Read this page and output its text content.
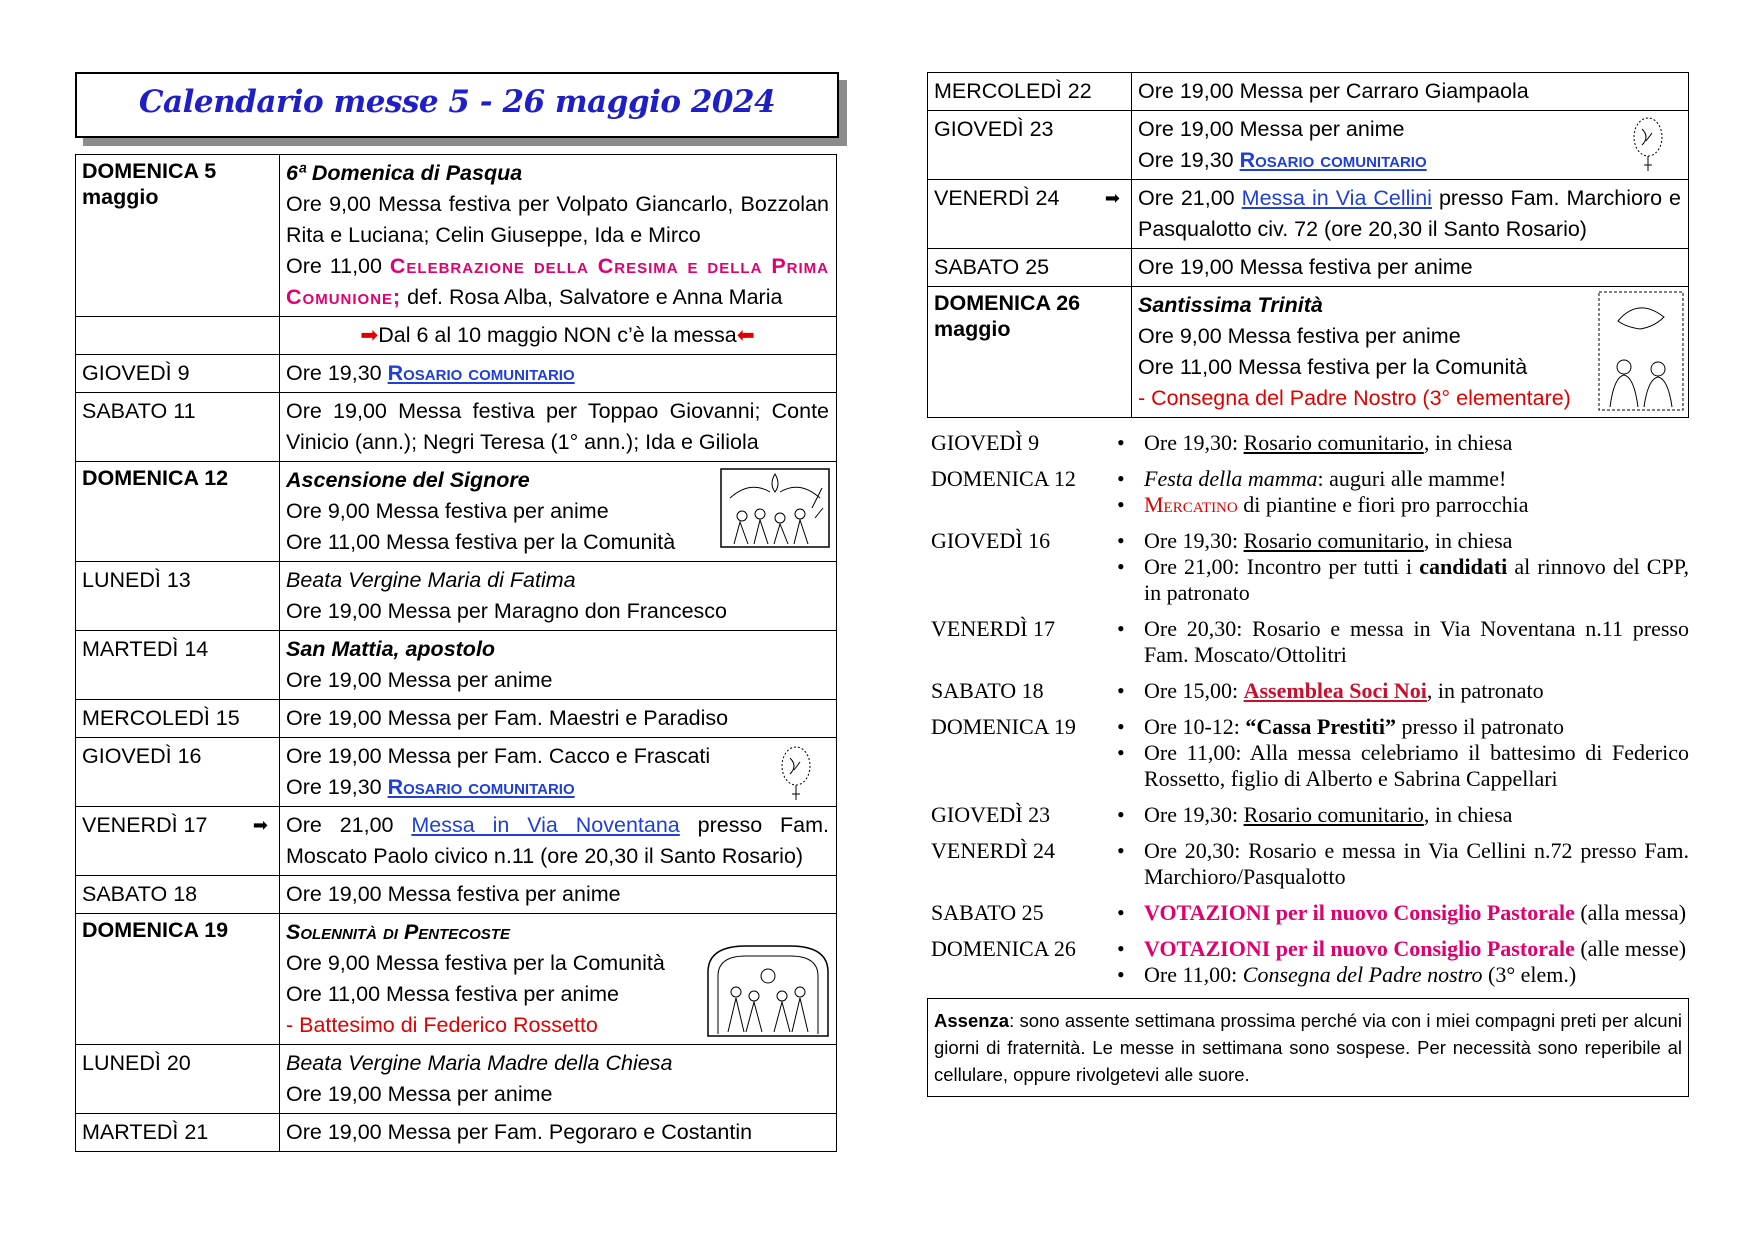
Calendario messe 5 - 26 maggio 2024
DOMENICA 5 maggio	6ª Domenica di Pasqua
Ore 9,00 Messa festiva per Volpato Giancarlo, Bozzolan Rita e Luciana; Celin Giuseppe, Ida e Mirco
Ore 11,00 Celebrazione della Cresima e della Prima Comunione; def. Rosa Alba, Salvatore e Anna Maria

	➡Dal 6 al 10 maggio NON c’è la messa⬅
GIOVEDÌ 9	Ore 19,30 Rosario comunitario
SABATO 11	Ore 19,00 Messa festiva per Toppao Giovanni; Conte Vinicio (ann.); Negri Teresa (1° ann.); Ida e Giliola
DOMENICA 12	Ascensione del Signore
Ore 9,00 Messa festiva per anime
Ore 11,00 Messa festiva per la Comunità

LUNEDÌ 13	Beata Vergine Maria di Fatima
Ore 19,00 Messa per Maragno don Francesco

MARTEDÌ 14	San Mattia, apostolo
Ore 19,00 Messa per anime

MERCOLEDÌ 15	Ore 19,00 Messa per Fam. Maestri e Paradiso
GIOVEDÌ 16	Ore 19,00 Messa per Fam. Cacco e Frascati
Ore 19,30 Rosario comunitario

VENERDÌ 17 ➡	Ore 21,00 Messa in Via Noventana presso Fam. Moscato Paolo civico n.11 (ore 20,30 il Santo Rosario)
SABATO 18	Ore 19,00 Messa festiva per anime
DOMENICA 19	Solennità di Pentecoste
Ore 9,00 Messa festiva per la Comunità
Ore 11,00 Messa festiva per anime
- Battesimo di Federico Rossetto

LUNEDÌ 20	Beata Vergine Maria Madre della Chiesa
Ore 19,00 Messa per anime

MARTEDÌ 21	Ore 19,00 Messa per Fam. Pegoraro e Costantin
MERCOLEDÌ 22	Ore 19,00 Messa per Carraro Giampaola
GIOVEDÌ 23	Ore 19,00 Messa per anime
Ore 19,30 Rosario comunitario

VENERDÌ 24 ➡	Ore 21,00 Messa in Via Cellini presso Fam. Marchioro e Pasqualotto civ. 72 (ore 20,30 il Santo Rosario)
SABATO 25	Ore 19,00 Messa festiva per anime
DOMENICA 26 maggio	Santissima Trinità
Ore 9,00 Messa festiva per anime
Ore 11,00 Messa festiva per la Comunità
- Consegna del Padre Nostro (3° elementare)
GIOVEDÌ 9	• Ore 19,30: Rosario comunitario, in chiesa
DOMENICA 12	• Festa della mamma: auguri alle mamme!
• Mercatino di piantine e fiori pro parrocchia
GIOVEDÌ 16	• Ore 19,30: Rosario comunitario, in chiesa
• Ore 21,00: Incontro per tutti i candidati al rinnovo del CPP, in patronato
VENERDÌ 17	• Ore 20,30: Rosario e messa in Via Noventana n.11 presso Fam. Moscato/Ottolitri
SABATO 18	• Ore 15,00: Assemblea Soci Noi, in patronato
DOMENICA 19	• Ore 10-12: “Cassa Prestiti” presso il patronato
• Ore 11,00: Alla messa celebriamo il battesimo di Federico Rossetto, figlio di Alberto e Sabrina Cappellari
GIOVEDÌ 23	• Ore 19,30: Rosario comunitario, in chiesa
VENERDÌ 24	• Ore 20,30: Rosario e messa in Via Cellini n.72 presso Fam. Marchioro/Pasqualotto
SABATO 25	• VOTAZIONI per il nuovo Consiglio Pastorale (alla messa)
DOMENICA 26	• VOTAZIONI per il nuovo Consiglio Pastorale (alle messe)
• Ore 11,00: Consegna del Padre nostro (3° elem.)
Assenza: sono assente settimana prossima perché via con i miei compagni preti per alcuni giorni di fraternità. Le messe in settimana sono sospese. Per necessità sono reperibile al cellulare, oppure rivolgetevi alle suore.
